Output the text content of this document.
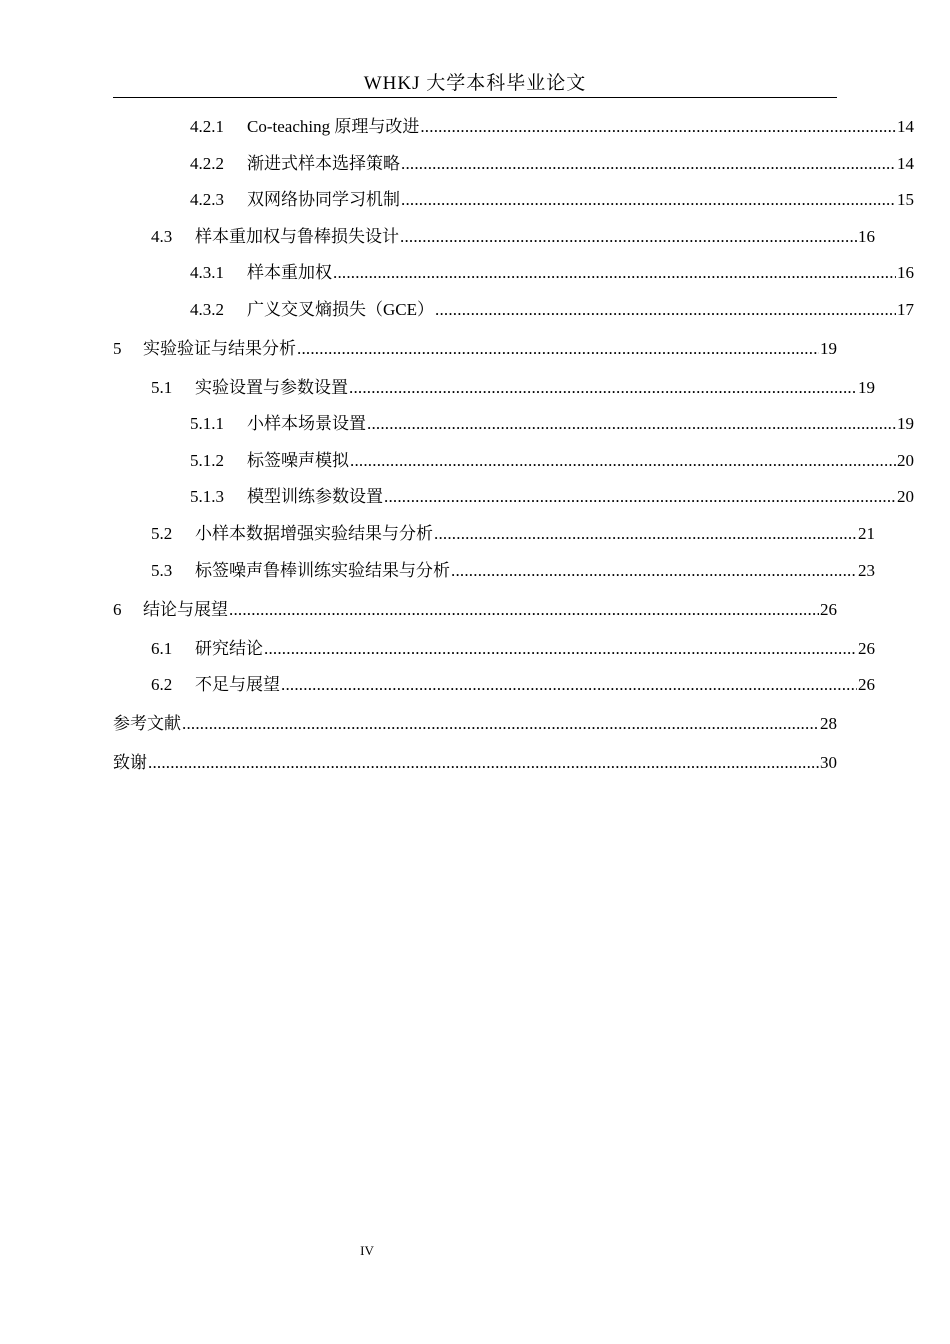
WHKJ 大学本科毕业论文
4.2.1	Co-teaching 原理与改进 .....	14
4.2.2	渐进式样本选择策略 .....	14
4.2.3	双网络协同学习机制 .....	15
4.3	样本重加权与鲁棒损失设计 .....	16
4.3.1	样本重加权 .....	16
4.3.2	广义交叉熵损失（GCE） .....	17
5	实验验证与结果分析 .....	19
5.1	实验设置与参数设置 .....	19
5.1.1	小样本场景设置 .....	19
5.1.2	标签噪声模拟 .....	20
5.1.3	模型训练参数设置 .....	20
5.2	小样本数据增强实验结果与分析 .....	21
5.3	标签噪声鲁棒训练实验结果与分析 .....	23
6	结论与展望 .....	26
6.1	研究结论 .....	26
6.2	不足与展望 .....	26
参考文献 .....	28
致谢 .....	30
IV
